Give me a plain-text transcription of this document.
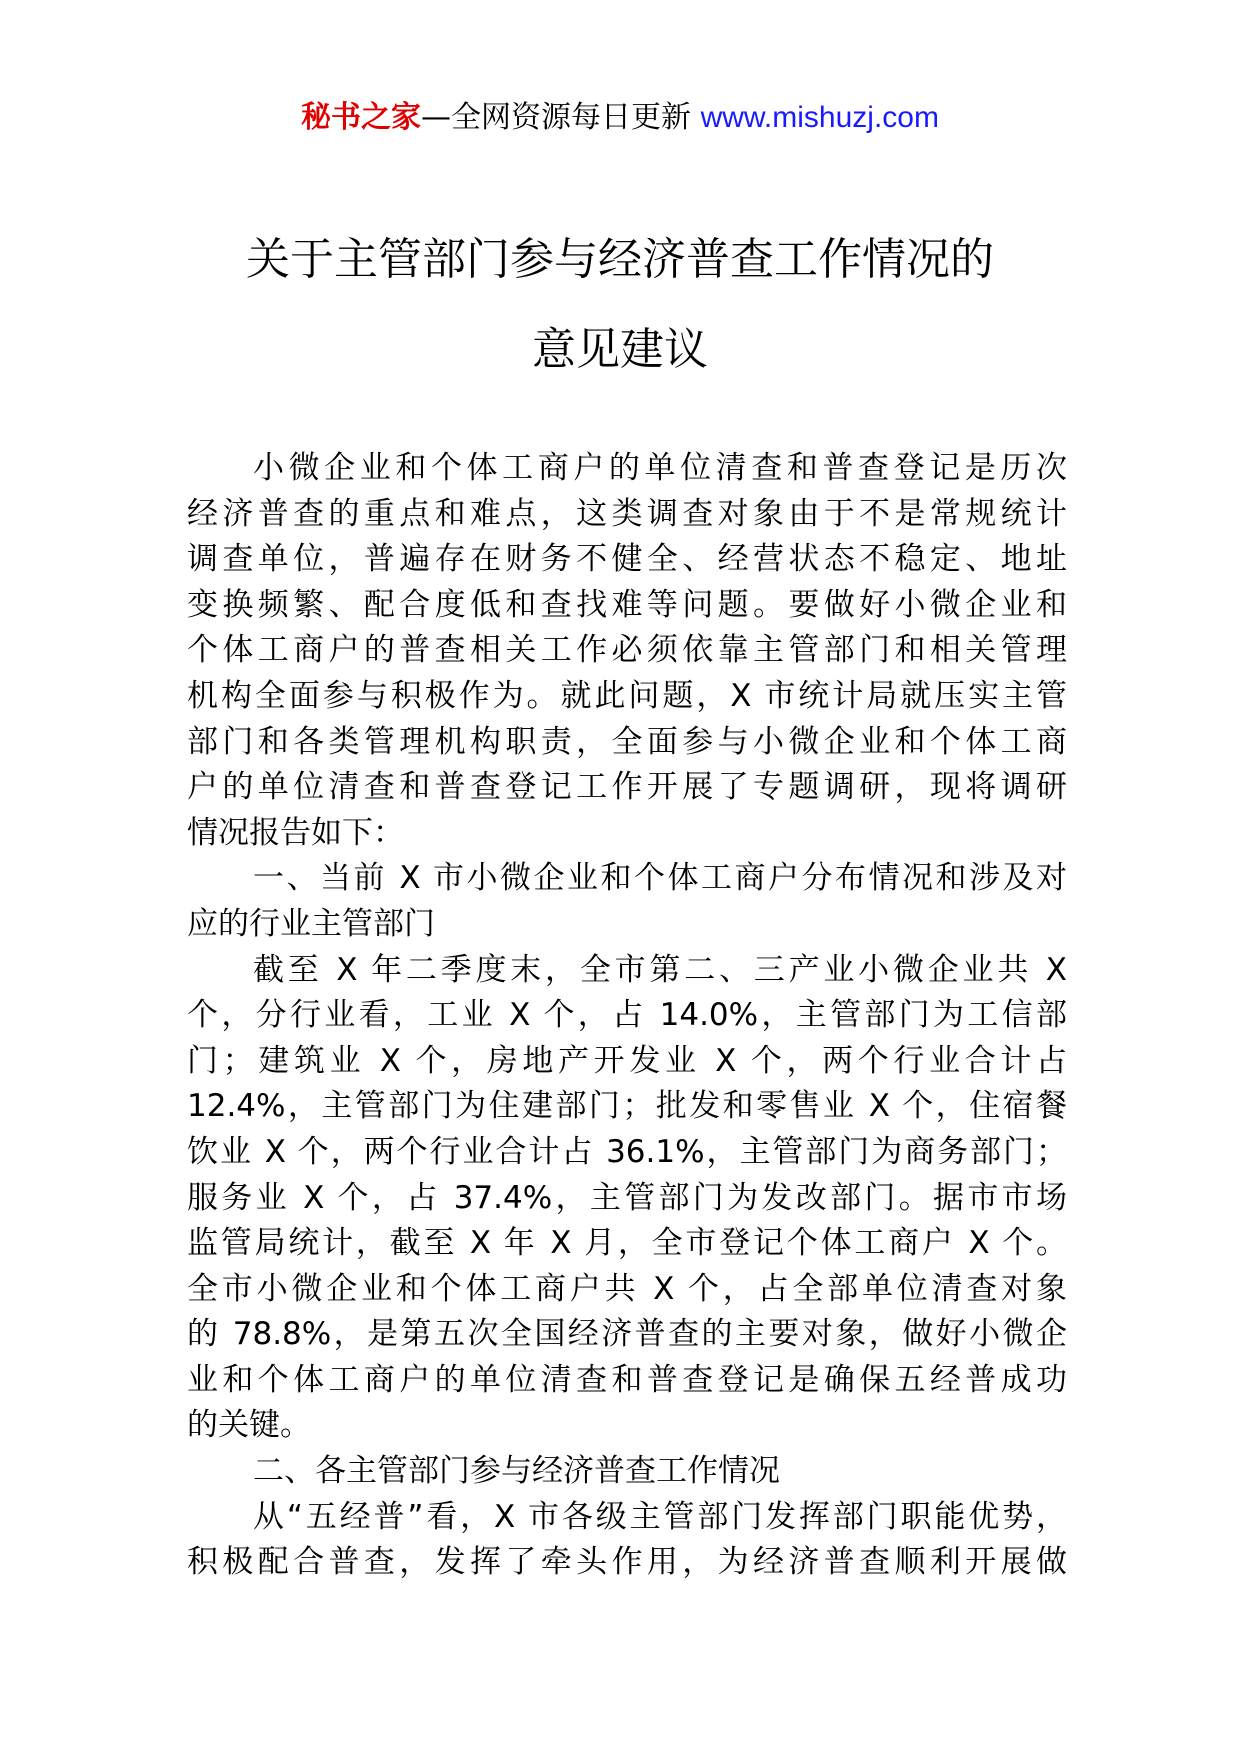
秘书之家—全网资源每日更新 www.mishuzj.com
关于主管部门参与经济普查工作情况的
意见建议
小微企业和个体工商户的单位清查和普查登记是历次
经济普查的重点和难点，这类调查对象由于不是常规统计
调查单位，普遍存在财务不健全、经营状态不稳定、地址
变换频繁、配合度低和查找难等问题。要做好小微企业和
个体工商户的普查相关工作必须依靠主管部门和相关管理
机构全面参与积极作为。就此问题，X 市统计局就压实主管
部门和各类管理机构职责，全面参与小微企业和个体工商
户的单位清查和普查登记工作开展了专题调研，现将调研
情况报告如下：
一、当前 X 市小微企业和个体工商户分布情况和涉及对
应的行业主管部门
截至 X 年二季度末，全市第二、三产业小微企业共 X
个，分行业看，工业 X 个，占 14.0%，主管部门为工信部
门；建筑业 X 个，房地产开发业 X 个，两个行业合计占
12.4%，主管部门为住建部门；批发和零售业 X 个，住宿餐
饮业 X 个，两个行业合计占 36.1%，主管部门为商务部门；
服务业 X 个，占 37.4%，主管部门为发改部门。据市市场
监管局统计，截至 X 年 X 月，全市登记个体工商户 X 个。
全市小微企业和个体工商户共 X 个，占全部单位清查对象
的 78.8%，是第五次全国经济普查的主要对象，做好小微企
业和个体工商户的单位清查和普查登记是确保五经普成功
的关键。
二、各主管部门参与经济普查工作情况
从“五经普”看，X 市各级主管部门发挥部门职能优势，
积极配合普查，发挥了牵头作用，为经济普查顺利开展做
